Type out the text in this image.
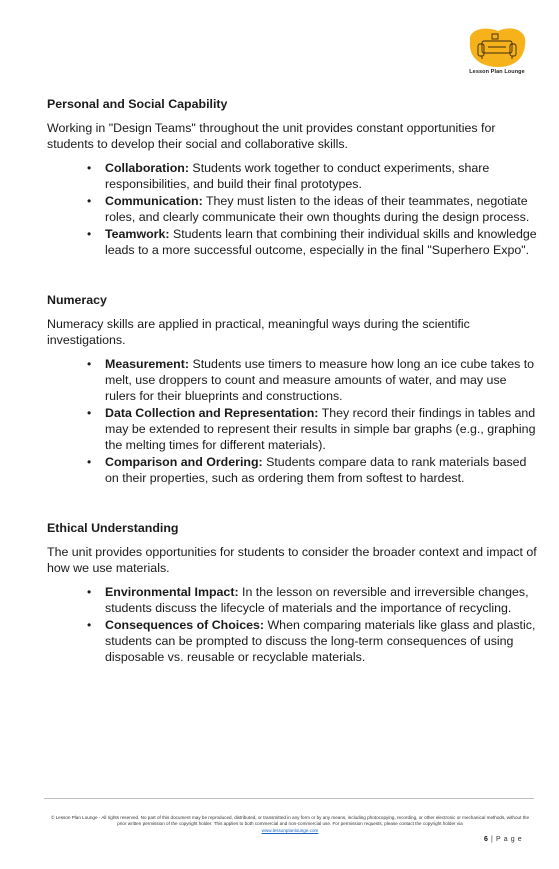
Lesson Plan Lounge
Personal and Social Capability

Working in "Design Teams" throughout the unit provides constant opportunities for students to develop their social and collaborative skills.

• Collaboration: Students work together to conduct experiments, share responsibilities, and build their final prototypes.
• Communication: They must listen to the ideas of their teammates, negotiate roles, and clearly communicate their own thoughts during the design process.
• Teamwork: Students learn that combining their individual skills and knowledge leads to a more successful outcome, especially in the final "Superhero Expo".
Numeracy

Numeracy skills are applied in practical, meaningful ways during the scientific investigations.

• Measurement: Students use timers to measure how long an ice cube takes to melt, use droppers to count and measure amounts of water, and may use rulers for their blueprints and constructions.
• Data Collection and Representation: They record their findings in tables and may be extended to represent their results in simple bar graphs (e.g., graphing the melting times for different materials).
• Comparison and Ordering: Students compare data to rank materials based on their properties, such as ordering them from softest to hardest.
Ethical Understanding

The unit provides opportunities for students to consider the broader context and impact of how we use materials.

• Environmental Impact: In the lesson on reversible and irreversible changes, students discuss the lifecycle of materials and the importance of recycling.
• Consequences of Choices: When comparing materials like glass and plastic, students can be prompted to discuss the long-term consequences of using disposable vs. reusable or recyclable materials.
© Lesson Plan Lounge - All rights reserved. No part of this document may be reproduced, distributed, or transmitted in any form or by any means, including photocopying, recording, or other electronic or mechanical methods, without the prior written permission of the copyright holder. This applies to both commercial and non-commercial use. For permission requests, please contact the copyright holder via
www.lessonplanlounge.com
6 | P a g e
